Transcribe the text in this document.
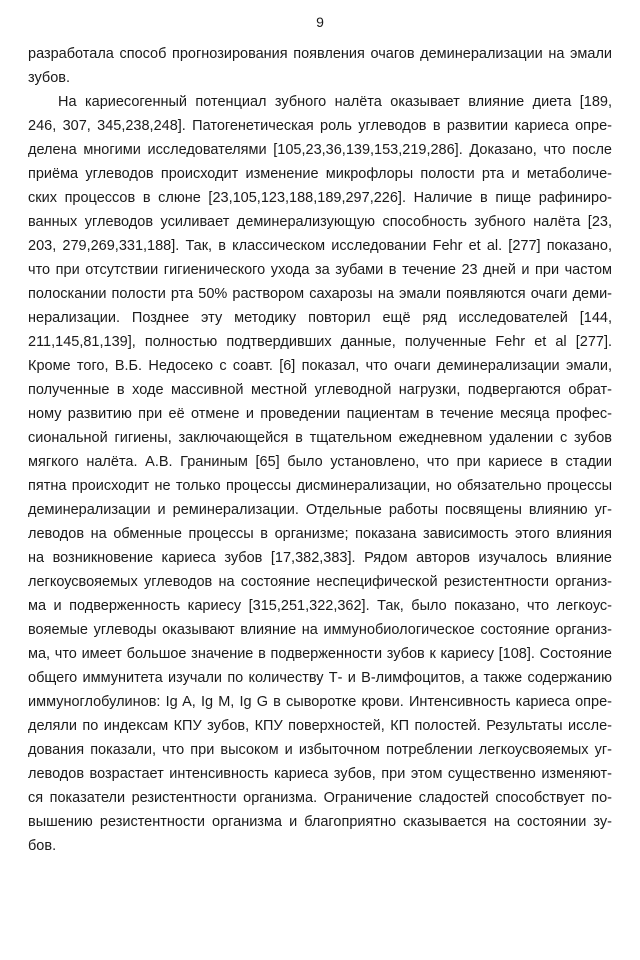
9
разработала способ прогнозирования появления очагов деминерализации на эмали
зубов.
На кариесогенный потенциал зубного налёта оказывает влияние диета [189,
246, 307, 345,238,248]. Патогенетическая роль углеводов в развитии кариеса опре-
делена многими исследователями [105,23,36,139,153,219,286]. Доказано, что после
приёма углеводов происходит изменение микрофлоры полости рта и метаболиче-
ских процессов в слюне [23,105,123,188,189,297,226]. Наличие в пище рафиниро-
ванных углеводов усиливает деминерализующую способность зубного налёта [23,
203, 279,269,331,188]. Так, в классическом исследовании Fehr et al. [277] показано,
что при отсутствии гигиенического ухода за зубами в течение 23 дней и при частом
полоскании полости рта 50% раствором сахарозы на эмали появляются очаги деми-
нерализации. Позднее эту методику повторил ещё ряд исследователей [144,
211,145,81,139], полностью подтвердивших данные, полученные Fehr et al [277].
Кроме того, В.Б. Недосеко с соавт. [6] показал, что очаги деминерализации эмали,
полученные в ходе массивной местной углеводной нагрузки, подвергаются обрат-
ному развитию при её отмене и проведении пациентам в течение месяца профес-
сиональной гигиены, заключающейся в тщательном ежедневном удалении с зубов
мягкого налёта. А.В. Граниным [65] было установлено, что при кариесе в стадии
пятна происходит не только процессы дисминерализации, но обязательно процессы
деминерализации и реминерализации. Отдельные работы посвящены влиянию уг-
леводов на обменные процессы в организме; показана зависимость этого влияния
на возникновение кариеса зубов [17,382,383]. Рядом авторов изучалось влияние
легкоусвояемых углеводов на состояние неспецифической резистентности организ-
ма и подверженность кариесу [315,251,322,362]. Так, было показано, что легкоус-
вояемые углеводы оказывают влияние на иммунобиологическое состояние организ-
ма, что имеет большое значение в подверженности зубов к кариесу [108]. Состояние
общего иммунитета изучали по количеству Т- и В-лимфоцитов, а также содержанию
иммуноглобулинов: Ig A, Ig M, Ig G в сыворотке крови. Интенсивность кариеса опре-
деляли по индексам КПУ зубов, КПУ поверхностей, КП полостей. Результаты иссле-
дования показали, что при высоком и избыточном потреблении легкоусвояемых уг-
леводов возрастает интенсивность кариеса зубов, при этом существенно изменяют-
ся показатели резистентности организма. Ограничение сладостей способствует по-
вышению резистентности организма и благоприятно сказывается на состоянии зу-
бов.
